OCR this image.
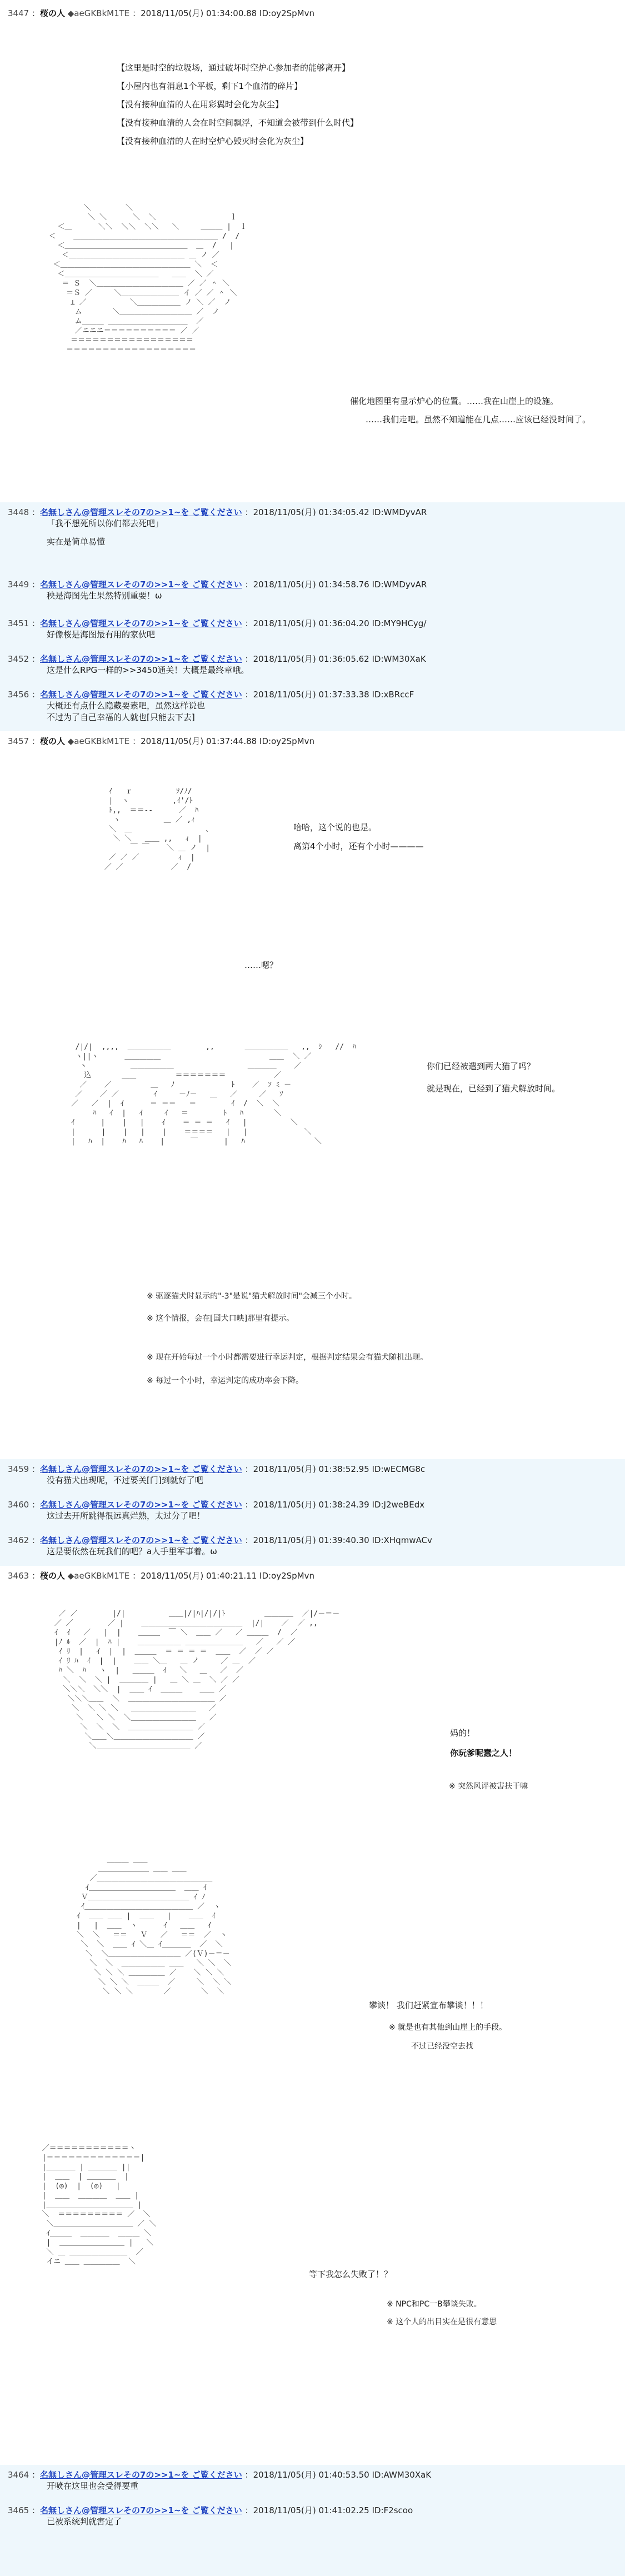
3447 ：桜の人 ◆aeGKBkM1TE ：2018/11/05(月) 01:34:00.88 ID:oy2SpMvn
【这里是时空的垃圾场，通过破坏时空炉心参加者的能够离开】
【小屋内也有消息1个平板，剩下1个血清的碎片】
【没有接种血清的人在用彩翼时会化为灰尘】
【没有接种血清的人会在时空间飘浮，不知道会被带到什么时代】
【没有接种血清的人在时空炉心毁灭时会化为灰尘】
＼        ＼
＼ ＼      ＼  ＼                 ｌ
＜＿      ＼＼  ＼＼  ＼＼   ＼     ＿＿＿ |  ｌ
＜    ＿＿＿＿＿＿＿＿＿＿＿＿＿＿＿＿＿＿＿＿ /  /
＜＿＿＿＿＿＿＿＿＿＿＿＿＿＿＿＿＿  ＿  /   |
＜＿＿＿＿＿＿＿＿＿＿＿＿＿＿＿＿ ＿ ノ ／
＜＿＿＿＿＿＿＿＿＿＿＿＿＿＿＿＿＿＿ ＼  ＜
＜＿＿＿＿＿＿＿＿＿＿＿＿＿   ＿＿  ＼ ／
＝ Ｓ  ＼＿＿＿＿＿＿＿＿＿＿＿＿ ／ ／ ＾ ＼
＝Ｓ ／     ＼＿＿＿＿＿＿＿＿ イ ／ ／ ＾ ＼
⊥ ／          ＼＿＿＿＿＿＿ ノ ＼ ／  ノ
ム       ＼＿＿＿＿＿＿＿＿＿＿ ／  ノ
ム＿＿＿ ＿＿＿＿＿＿＿＿＿＿＿  ／
／ニニニ＝＝＝＝＝＝＝＝＝＝ ／ ／
＝＝＝＝＝＝＝＝＝＝＝＝＝＝＝＝＝
＝＝＝＝＝＝＝＝＝＝＝＝＝＝＝＝＝＝
催化地图里有显示炉心的位置。……我在山崖上的设施。
……我们走吧。虽然不知道能在几点……应该已经没时间了。
3448 ：名無しさん@管理スレその7の>>1~を ご覧ください ：2018/11/05(月) 01:34:05.42 ID:WMDyvAR
「我不想死所以你们都去死吧」
实在是简单易懂
3449 ：名無しさん@管理スレその7の>>1~を ご覧ください ：2018/11/05(月) 01:34:58.76 ID:WMDyvAR
秧是海图先生果然特别重要！ω
3451 ：名無しさん@管理スレその7の>>1~を ご覧ください ：2018/11/05(月) 01:36:04.20 ID:MY9HCyg/
好像桜是海图最有用的家伙吧
3452 ：名無しさん@管理スレその7の>>1~を ご覧ください ：2018/11/05(月) 01:36:05.62 ID:WM30XaK
这是什么RPG一样的>>3450通关！大概是最终章哦。
3456 ：名無しさん@管理スレその7の>>1~を ご覧ください ：2018/11/05(月) 01:37:33.38 ID:xBRccF
大概还有点什么隐藏要素吧，虽然这样说也
不过为了自己幸福的人就也[只能去下去]
3457 ：桜の人 ◆aeGKBkM1TE ：2018/11/05(月) 01:37:44.88 ID:oy2SpMvn
ｲ   ｒ          ｿ/ﾉ/
|  ヽ          ,ｲ'/ﾄ
ﾄ,,  ＝＝--      ／  ﾊ
ヽ          ＿ ／ ,ｨ
＼  ＿                 ､
＼ ＼   ＿＿ ,,   ｨ  |
￣ ￣    ＼ ＿ ノ  |
／ ／ ／         ｨ  |
／ ／           ／  /
哈哈，这个说的也是。
离第4个小时，还有个小时————
……嗯？
/|/|  ,,,,  ＿＿＿＿＿＿        ,,       ＿＿＿＿＿＿   ,,  ｼ   //  ﾊ
ヽ||ヽ      ＿＿＿＿＿                         ＿＿  ＼ ／
ヽ          ＿＿＿＿＿＿                 ＿＿＿＿    ／
込       ＿＿         ＝＝＝＝＝＝＝           ／
／    ／         ＿   ﾉ             ﾄ    ／  ｿ ﾐ －
／    ／ ／        ｲ     －ﾉ－   ＿   ／     ／   ｿ
／   ／  |  ｲ      ＝ ＝＝   ＝        ｲ  /  ＼  ＼
ﾊ   ｲ  |   ｲ     ｲ   ＝        ﾄ   ﾊ       ＼
ｲ      |    |   |    ｲ    ＝ ＝ ＝   ｲ   |          ＼
|      |    |   |    |    ＝＝＝＝   |   |             ＼
|   ﾊ  |    ﾊ   ﾊ    |      ￣      |   ﾊ                ＼
你们已经被遣到两大猫了吗？
就是现在，已经到了猫犬解放时间。
※ 驱逐猫犬时显示的"-3"是说"猫犬解放时间"会减三个小时。
※ 这个情报，会在[国犬口映]那里有提示。
※ 现在开始每过一个小时都需要进行幸运判定，根据判定结果会有猫犬随机出现。
※ 每过一个小时，幸运判定的成功率会下降。
3459 ：名無しさん@管理スレその7の>>1~を ご覧ください ：2018/11/05(月) 01:38:52.95 ID:wECMG8c
没有猫犬出现呢，不过要关[门]到就好了吧
3460 ：名無しさん@管理スレその7の>>1~を ご覧ください ：2018/11/05(月) 01:38:24.39 ID:J2weBEdx
这过去开所跳得很远真烂熟，太过分了吧！
3462 ：名無しさん@管理スレその7の>>1~を ご覧ください ：2018/11/05(月) 01:39:40.30 ID:XHqmwACv
这是要依然在玩我们的吧？a人手里军事着。ω
3463 ：桜の人 ◆aeGKBkM1TE ：2018/11/05(月) 01:40:21.11 ID:oy2SpMvn
／ ／        |/|          ＿＿|/|ﾊ|/|/|ﾄ         ＿＿＿＿  ／|/－＝－
／ ／        ／ |    ＿＿＿＿＿＿＿＿＿＿＿＿＿＿  |/|    ／  ／ ,,
ｲ  ｲ   ／   |  |    ＿＿＿  ￣ ＼  ＿＿ ／   ／ ＿＿＿  /  ／
|ﾉ ﾙ  ／  |  ﾊ |    ＿＿＿＿＿＿ ＿＿＿＿＿＿＿＿   ／   ／ ／
ｲ ﾘ  |   ｲ  |  |  ＿＿＿  ＝ ＝ ＝ ＝  ＿＿  ／  ／ ／
ｲ ﾘ ﾊ  ｲ  |  |    ＿＿ ＼＿   ＿ ノ     ／ ＿  ／
ﾊ ＼  ﾊ   ヽ  |   ＿＿＿  ｲ   ＼   ＿   ／  ／
＼  ＼  ＼ |  ＿＿＿＿ |   ＿ ＼ ＿  ＼ ／ ／
＼＼＼  ＼＼  |  ＿＿ ｲ  ＿＿＿    ＿＿ ／
＼＼＼＿＿  ＼  ＿＿＿＿＿＿＿＿＿＿＿＿ ／
＼  ＼ ＼ ＼   ＿＿＿＿＿＿＿＿＿   ／
＼   ＼ ＼  ＼＿＿＿＿＿＿＿＿＿   ／
＼  ＼  ＼  ＿＿＿＿＿＿＿＿＿ ／
＼＿＿＼＿＿＿＿＿＿＿＿＿＿＿ ／
＼＿＿＿＿＿＿＿＿＿＿＿＿＿ ／
妈的！
你玩爹呢蠢之人！
※ 突然风评被害扶干嘛
＿＿＿ ＿＿
＿＿＿＿＿＿＿ ＿＿ ＿＿
／＿＿＿＿＿＿＿＿＿＿＿＿＿＿＿＿
ｲ＿＿＿＿＿＿＿＿＿＿＿＿  ＿＿ ｲ
Ｖ＿＿＿＿＿＿＿＿＿＿＿＿＿＿ ｲ ﾉ
ｲ＿＿＿＿＿＿＿＿＿＿＿＿＿＿＿ ／  ヽ
ｲ  ＿＿ ＿＿ |  ＿＿   |    ＿＿  ｲ
|   |  ＿＿  ヽ      ｲ   ＿＿   ｲ
＼  ＼   ＝＝   Ｖ   ／   ＝＝  ／  ヽ
＼  ＼  ＿＿ ｲ ＼＿ ｲ＿＿＿＿  ／  ＼
＼  ＼＿＿＿＿＿＿＿＿＿＿ ／(Ｖ)－＝－
＼  ＼  ＿＿＿＿＿＿ ＿＿   ＼ ＼  ＼
＼ ＼ ＼ ＿＿＿＿＿ ／    ＼ ＼ ＼
＼ ＼ ＼  ＿＿＿  ／     ＼  ＼ ＼
＼ ＼ ＼       ／       ＼  ＼
攀谈！ 我们赶紧宣布攀谈！！！
※ 就是也有其他到山崖上的手段。
不过已经没空去找
／＝＝＝＝＝＝＝＝＝＝＝ヽ
|＝＝＝＝＝＝＝＝＝＝＝＝＝|
|＿＿＿＿ | ＿＿＿＿ ||
|  ＿＿  | ＿＿＿＿  |
|  (◎)  |  (◎)   |
|  ＿＿  ＿＿＿＿  ＿＿ |
|＿＿＿＿＿＿＿＿＿＿＿＿ |
＼  ＝＝＝＝＝＝＝＝＝ ／  ＼
＼＿＿＿＿＿＿＿＿＿＿＿ ／ ＼
ｲ＿＿＿  ＿＿＿＿  ＿＿＿ ＼
|  ＿＿＿＿＿＿＿＿＿ |   ＼
＼ ＿ ＿＿＿＿＿＿＿＿  ／
イニ ＿＿ ＿＿＿＿＿  ＼
等下我怎么失败了！？
※ NPC和PC一B攀谈失败。
※ 这个人的出目实在是很有意思
3464 ：名無しさん@管理スレその7の>>1~を ご覧ください ：2018/11/05(月) 01:40:53.50 ID:AWM30XaK
开喷在这里也会受得要重
3465 ：名無しさん@管理スレその7の>>1~を ご覧ください ：2018/11/05(月) 01:41:02.25 ID:F2scoo
已被系统判就害定了
